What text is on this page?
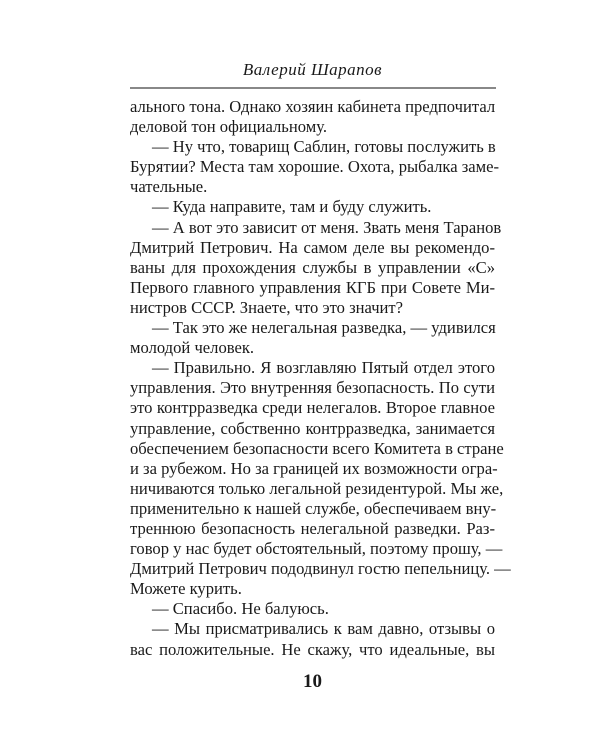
Валерий Шарапов
ального тона. Однако хозяин кабинета предпочитал
деловой тон официальному.
— Ну что, товарищ Саблин, готовы послужить в
Бурятии? Места там хорошие. Охота, рыбалка заме-
чательные.
— Куда направите, там и буду служить.
— А вот это зависит от меня. Звать меня Таранов
Дмитрий Петрович. На самом деле вы рекомендо-
ваны для прохождения службы в управлении «С»
Первого главного управления КГБ при Совете Ми-
нистров СССР. Знаете, что это значит?
— Так это же нелегальная разведка, — удивился
молодой человек.
— Правильно. Я возглавляю Пятый отдел этого
управления. Это внутренняя безопасность. По сути
это контрразведка среди нелегалов. Второе главное
управление, собственно контрразведка, занимается
обеспечением безопасности всего Комитета в стране
и за рубежом. Но за границей их возможности огра-
ничиваются только легальной резидентурой. Мы же,
применительно к нашей службе, обеспечиваем вну-
треннюю безопасность нелегальной разведки. Раз-
говор у нас будет обстоятельный, поэтому прошу, —
Дмитрий Петрович пододвинул гостю пепельницу. —
Можете курить.
— Спасибо. Не балуюсь.
— Мы присматривались к вам давно, отзывы о
вас положительные. Не скажу, что идеальные, вы
10
